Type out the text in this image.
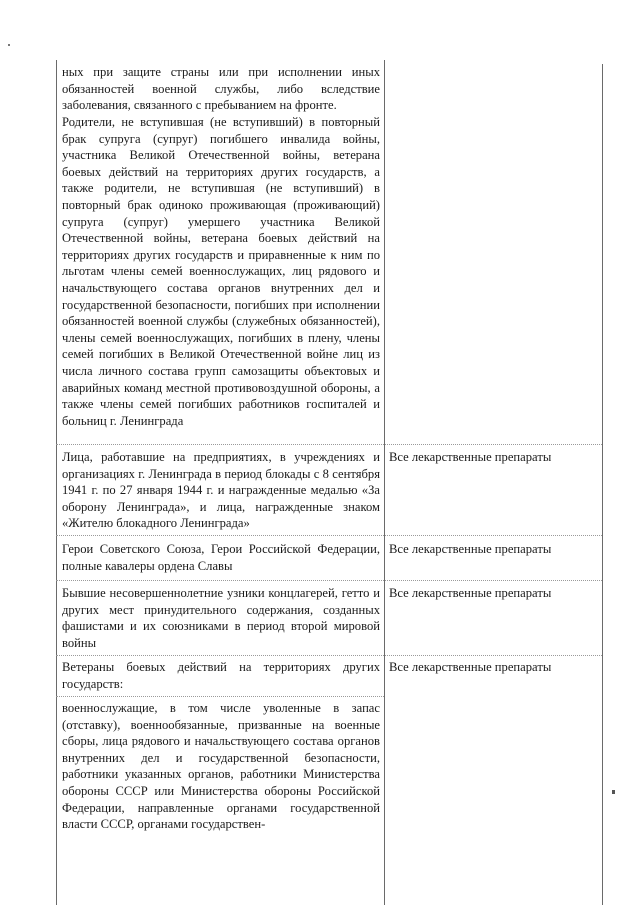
ных при защите страны или при исполнении иных обязанностей военной службы, либо вследствие заболевания, связанного с пребыванием на фронте.
Родители, не вступившая (не вступивший) в повторный брак супруга (супруг) погибшего инвалида войны, участника Великой Отечественной войны, ветерана боевых действий на территориях других государств, а также родители, не вступившая (не вступивший) в повторный брак одиноко проживающая (проживающий) супруга (супруг) умершего участника Великой Отечественной войны, ветерана боевых действий на территориях других государств и приравненные к ним по льготам члены семей военнослужащих, лиц рядового и начальствующего состава органов внутренних дел и государственной безопасности, погибших при исполнении обязанностей военной службы (служебных обязанностей), члены семей военнослужащих, погибших в плену, члены семей погибших в Великой Отечественной войне лиц из числа личного состава групп самозащиты объектовых и аварийных команд местной противовоздушной обороны, а также члены семей погибших работников госпиталей и больниц г. Ленинграда
Лица, работавшие на предприятиях, в учреждениях и организациях г. Ленинграда в период блокады с 8 сентября 1941 г. по 27 января 1944 г. и награжденные медалью «За оборону Ленинграда», и лица, награжденные знаком «Жителю блокадного Ленинграда»
Все лекарственные препараты
Герои Советского Союза, Герои Российской Федерации, полные кавалеры ордена Славы
Все лекарственные препараты
Бывшие несовершеннолетние узники концлагерей, гетто и других мест принудительного содержания, созданных фашистами и их союзниками в период второй мировой войны
Все лекарственные препараты
Ветераны боевых действий на территориях других государств:
Все лекарственные препараты
военнослужащие, в том числе уволенные в запас (отставку), военнообязанные, призванные на военные сборы, лица рядового и начальствующего состава органов внутренних дел и государственной безопасности, работники указанных органов, работники Министерства обороны СССР или Министерства обороны Российской Федерации, направленные органами государственной власти СССР, органами государствен-
